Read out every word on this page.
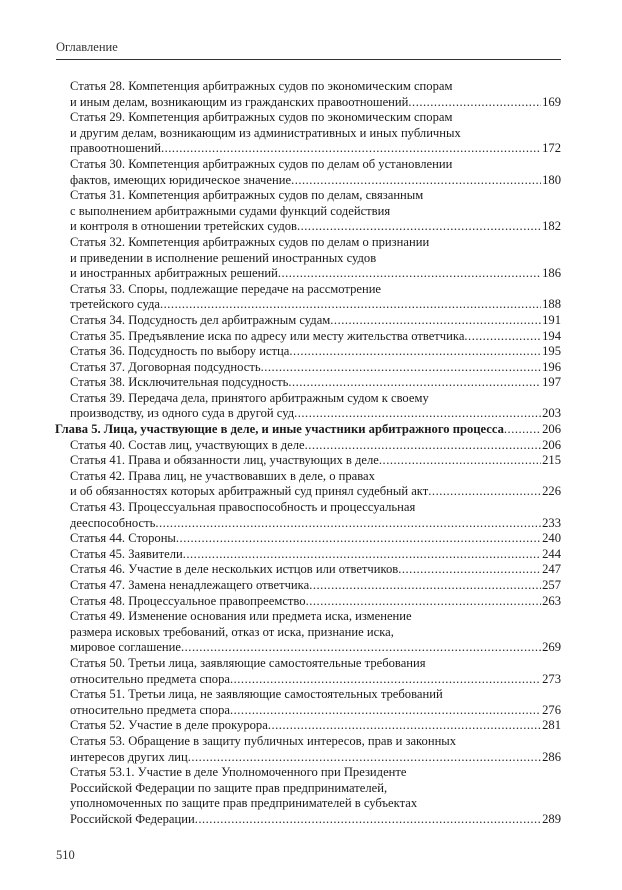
Оглавление
Статья 28. Компетенция арбитражных судов по экономическим спорам
и иным делам, возникающим из гражданских правоотношений .....	169
Статья 29. Компетенция арбитражных судов по экономическим спорам
и другим делам, возникающим из административных и иных публичных
правоотношений .....	172
Статья 30. Компетенция арбитражных судов по делам об установлении
фактов, имеющих юридическое значение .....	180
Статья 31. Компетенция арбитражных судов по делам, связанным
с выполнением арбитражными судами функций содействия
и контроля в отношении третейских судов .....	182
Статья 32. Компетенция арбитражных судов по делам о признании
и приведении в исполнение решений иностранных судов
и иностранных арбитражных решений .....	186
Статья 33. Споры, подлежащие передаче на рассмотрение
третейского суда .....	188
Статья 34. Подсудность дел арбитражным судам .....	191
Статья 35. Предъявление иска по адресу или месту жительства ответчика .....	194
Статья 36. Подсудность по выбору истца .....	195
Статья 37. Договорная подсудность .....	196
Статья 38. Исключительная подсудность .....	197
Статья 39. Передача дела, принятого арбитражным судом к своему
производству, из одного суда в другой суд .....	203
Глава 5. Лица, участвующие в деле, и иные участники арбитражного процесса .....	206
Статья 40. Состав лиц, участвующих в деле .....	206
Статья 41. Права и обязанности лиц, участвующих в деле .....	215
Статья 42. Права лиц, не участвовавших в деле, о правах
и об обязанностях которых арбитражный суд принял судебный акт .....	226
Статья 43. Процессуальная правоспособность и процессуальная
дееспособность .....	233
Статья 44. Стороны .....	240
Статья 45. Заявители .....	244
Статья 46. Участие в деле нескольких истцов или ответчиков .....	247
Статья 47. Замена ненадлежащего ответчика .....	257
Статья 48. Процессуальное правопреемство .....	263
Статья 49. Изменение основания или предмета иска, изменение
размера исковых требований, отказ от иска, признание иска,
мировое соглашение .....	269
Статья 50. Третьи лица, заявляющие самостоятельные требования
относительно предмета спора .....	273
Статья 51. Третьи лица, не заявляющие самостоятельных требований
относительно предмета спора .....	276
Статья 52. Участие в деле прокурора .....	281
Статья 53. Обращение в защиту публичных интересов, прав и законных
интересов других лиц .....	286
Статья 53.1. Участие в деле Уполномоченного при Президенте
Российской Федерации по защите прав предпринимателей,
уполномоченных по защите прав предпринимателей в субъектах
Российской Федерации .....	289
510
